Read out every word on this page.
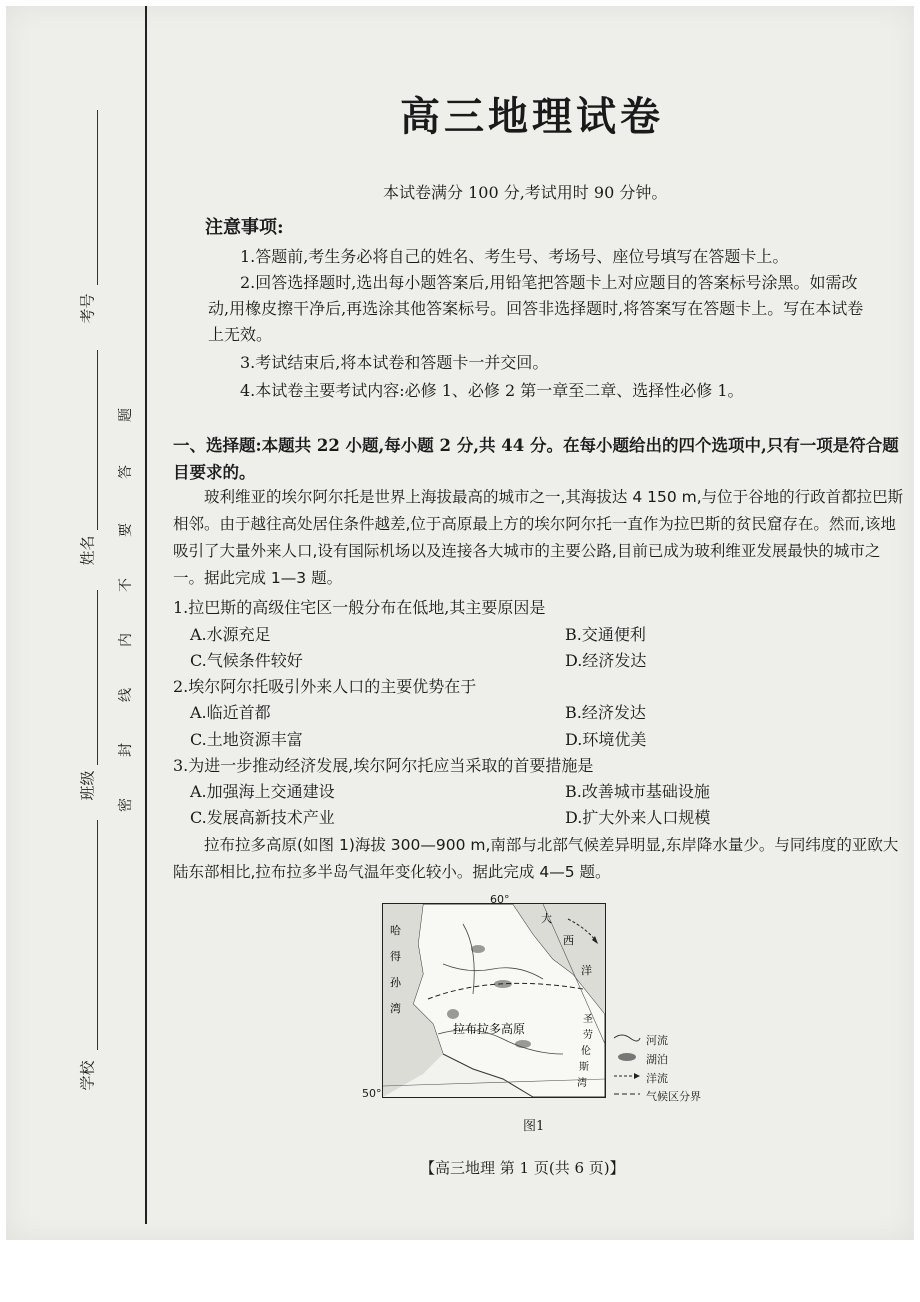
考号
姓名
班级
学校
密
封
线
内
不
要
答
题
高三地理试卷
本试卷满分 100 分,考试用时 90 分钟。
注意事项:
1.答题前,考生务必将自己的姓名、考生号、考场号、座位号填写在答题卡上。
2.回答选择题时,选出每小题答案后,用铅笔把答题卡上对应题目的答案标号涂黑。如需改动,用橡皮擦干净后,再选涂其他答案标号。回答非选择题时,将答案写在答题卡上。写在本试卷上无效。
3.考试结束后,将本试卷和答题卡一并交回。
4.本试卷主要考试内容:必修 1、必修 2 第一章至二章、选择性必修 1。
一、选择题:本题共 22 小题,每小题 2 分,共 44 分。在每小题给出的四个选项中,只有一项是符合题目要求的。
玻利维亚的埃尔阿尔托是世界上海拔最高的城市之一,其海拔达 4 150 m,与位于谷地的行政首都拉巴斯相邻。由于越往高处居住条件越差,位于高原最上方的埃尔阿尔托一直作为拉巴斯的贫民窟存在。然而,该地吸引了大量外来人口,设有国际机场以及连接各大城市的主要公路,目前已成为玻利维亚发展最快的城市之一。据此完成 1—3 题。
1.拉巴斯的高级住宅区一般分布在低地,其主要原因是
A.水源充足	B.交通便利
C.气候条件较好	D.经济发达
2.埃尔阿尔托吸引外来人口的主要优势在于
A.临近首都	B.经济发达
C.土地资源丰富	D.环境优美
3.为进一步推动经济发展,埃尔阿尔托应当采取的首要措施是
A.加强海上交通建设	B.改善城市基础设施
C.发展高新技术产业	D.扩大外来人口规模
拉布拉多高原(如图 1)海拔 300—900 m,南部与北部气候差异明显,东岸降水量少。与同纬度的亚欧大陆东部相比,拉布拉多半岛气温年变化较小。据此完成 4—5 题。
哈
得
孙
湾
大
西
洋
拉布拉多高原
圣
劳
伦
斯
湾
60°
50°
河流
湖泊
洋流
气候区分界
图1
【高三地理 第 1 页(共 6 页)】
